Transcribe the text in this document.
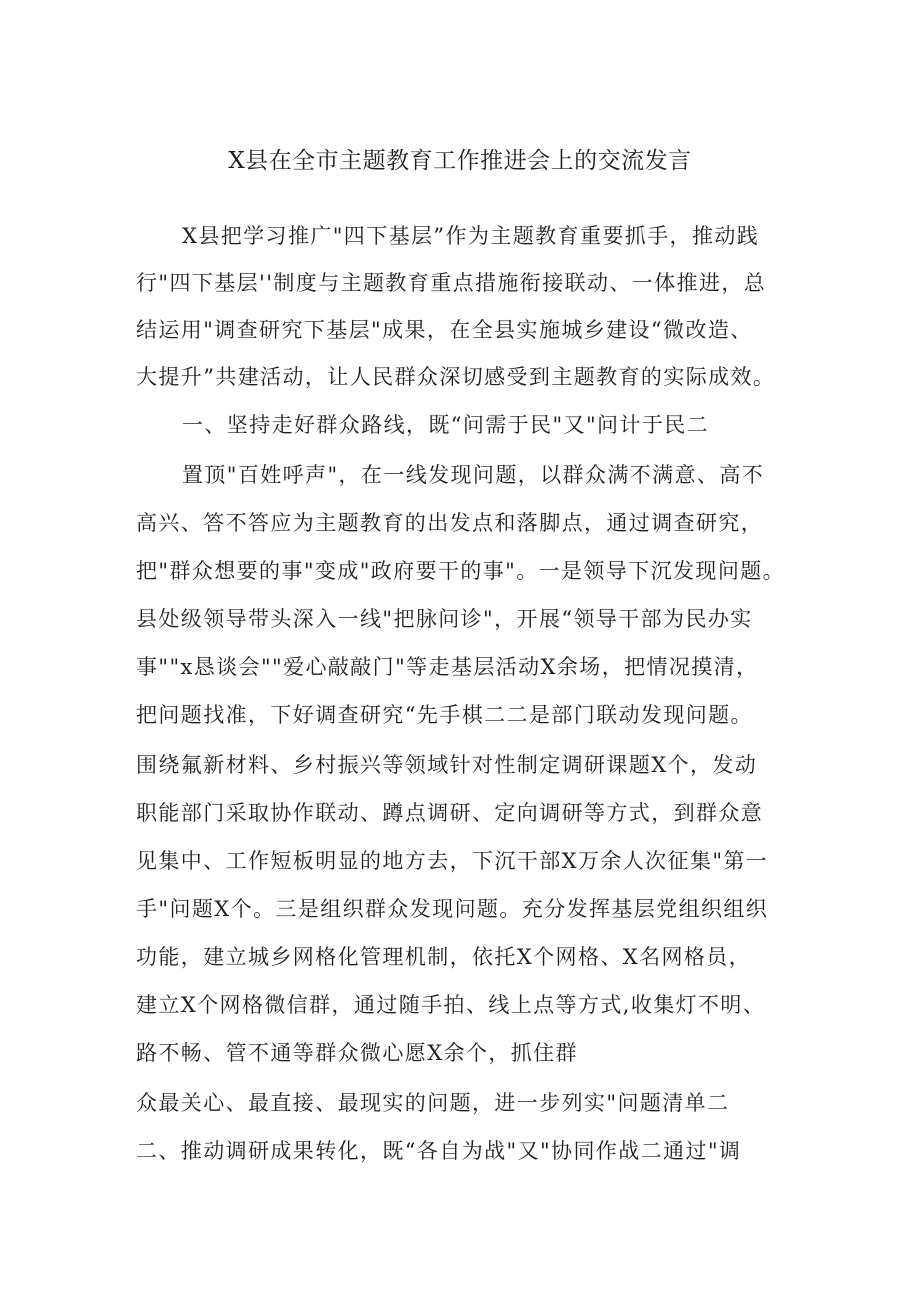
X县在全市主题教育工作推进会上的交流发言
X县把学习推广"四下基层”作为主题教育重要抓手，推动践
行"四下基层''制度与主题教育重点措施衔接联动、一体推进，总
结运用"调查研究下基层"成果，在全县实施城乡建设“微改造、
大提升”共建活动，让人民群众深切感受到主题教育的实际成效。
一、坚持走好群众路线，既“问需于民"又"问计于民二
置顶"百姓呼声"，在一线发现问题，以群众满不满意、高不
高兴、答不答应为主题教育的出发点和落脚点，通过调查研究，
把"群众想要的事"变成"政府要干的事"。一是领导下沉发现问题。
县处级领导带头深入一线"把脉问诊"，开展“领导干部为民办实
事""x恳谈会""爱心敲敲门"等走基层活动X余场，把情况摸清，
把问题找准，下好调查研究“先手棋二二是部门联动发现问题。
围绕氟新材料、乡村振兴等领域针对性制定调研课题X个，发动
职能部门采取协作联动、蹲点调研、定向调研等方式，到群众意
见集中、工作短板明显的地方去，下沉干部X万余人次征集"第一
手"问题X个。三是组织群众发现问题。充分发挥基层党组织组织
功能，建立城乡网格化管理机制，依托X个网格、X名网格员，
建立X个网格微信群，通过随手拍、线上点等方式,收集灯不明、
路不畅、管不通等群众微心愿X余个，抓住群
众最关心、最直接、最现实的问题，进一步列实"问题清单二
二、推动调研成果转化，既“各自为战"又"协同作战二通过"调
